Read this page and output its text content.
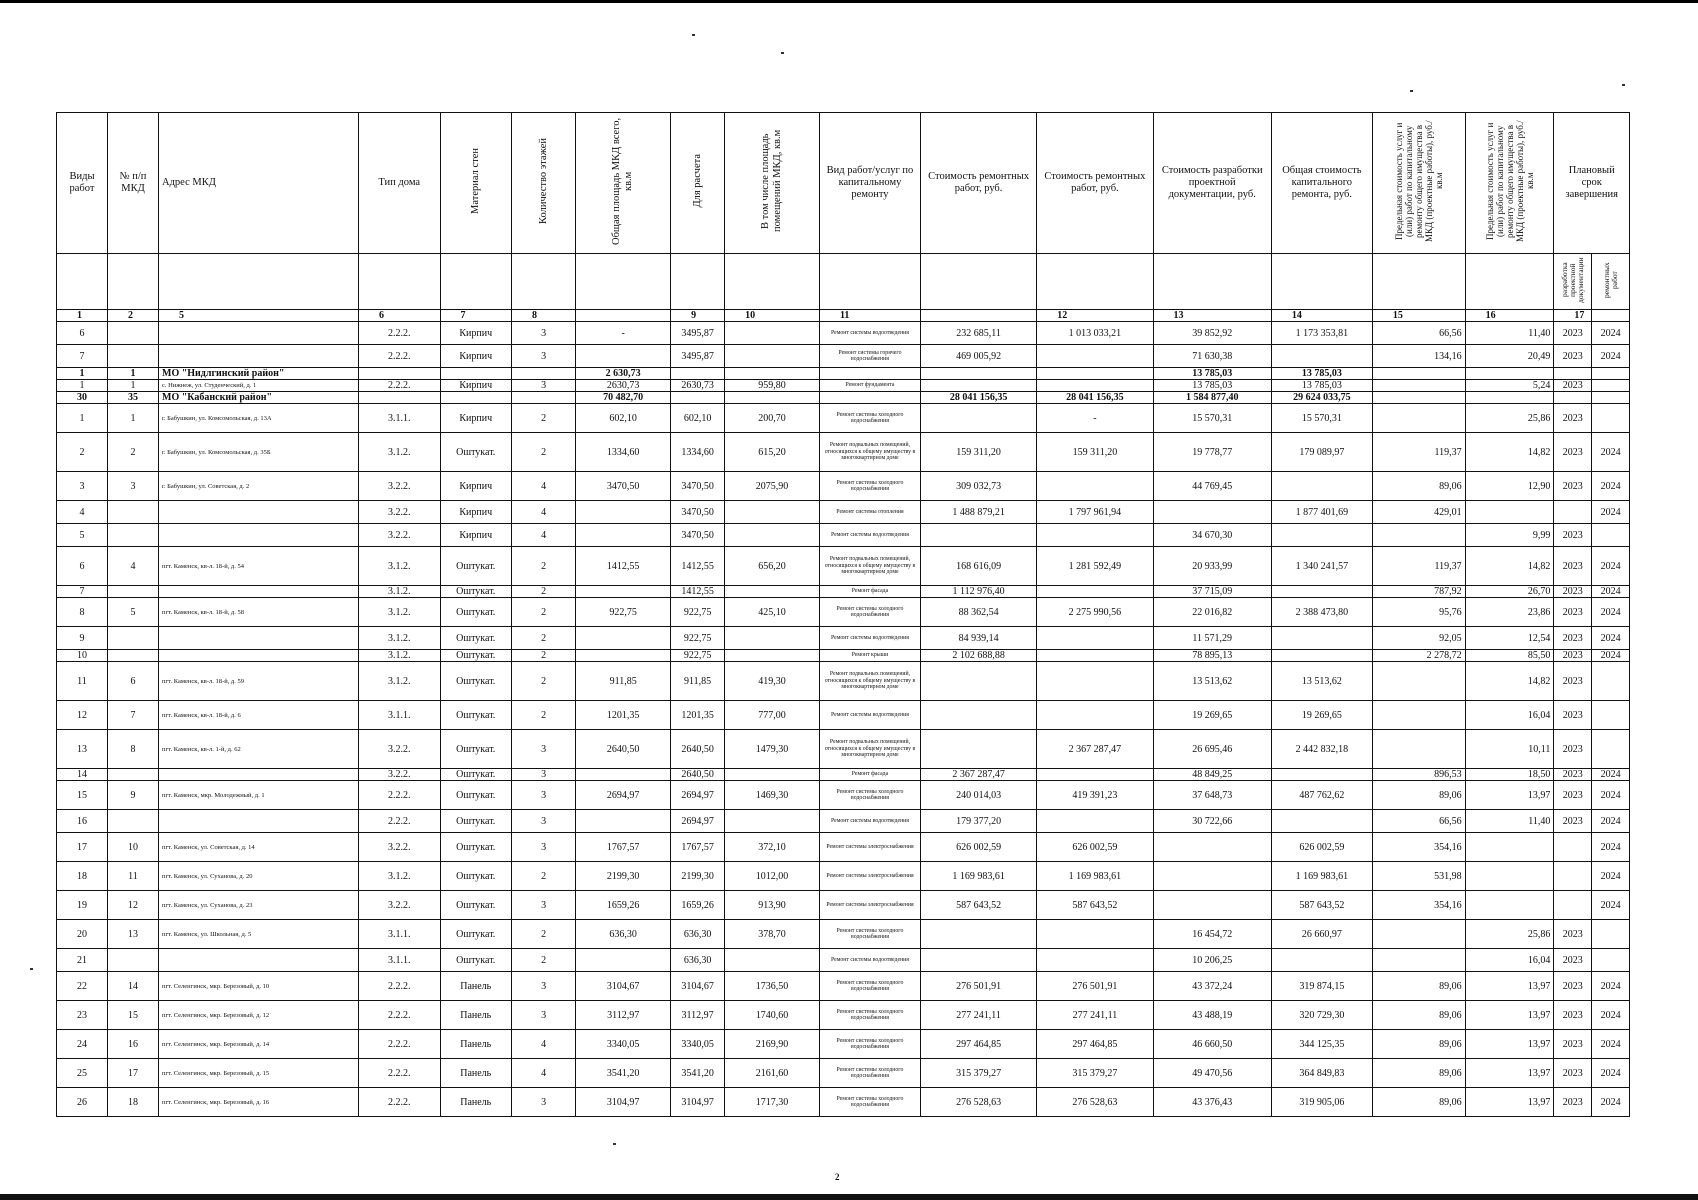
Виды работ	№ п/п МКД	Адрес МКД	Тип дома	Материал стен	Количество этажей	Общая площадь МКД всего, кв.м	Для расчета	В том числе площадь помещений МКД, кв.м	Вид работ/услуг по капитальному ремонту	Стоимость ремонтных работ, руб.	Стоимость ремонтных работ, руб.	Стоимость разработки проектной документации, руб.	Общая стоимость капитального ремонта, руб.	Предельная стоимость услуг и (или) работ по капитальному ремонту общего имущества в МКД (проектные работы), руб./кв.м	Предельная стоимость услуг и (или) работ по капитальному ремонту общего имущества в МКД (проектные работы), руб./кв.м	Плановый срок завершения	
																разработка проектной документации	ремонтных работ
1	2	5	6	7	8		9	10	11		12	13	14	15	16	17	
6			2.2.2.	Кирпич	3	-	3495,87		Ремонт системы водоотведения	232 685,11	1 013 033,21	39 852,92	1 173 353,81	66,56	11,40	2023	2024
7			2.2.2.	Кирпич	3		3495,87		Ремонт системы горячего водоснабжения	469 005,92		71 630,38		134,16	20,49	2023	2024
1	1	МО "Нидлгинский район"				2 630,73						13 785,03	13 785,03				
1	1	с. Нижнеж, ул. Студенческий, д. 1	2.2.2.	Кирпич	3	2630,73	2630,73	959,80	Ремонт фундамента			13 785,03	13 785,03		5,24	2023	
30	35	МО "Кабанский район"				70 482,70				28 041 156,35	28 041 156,35	1 584 877,40	29 624 033,75				
1	1	г. Бабушкин, ул. Комсомольская, д. 13А	3.1.1.	Кирпич	2	602,10	602,10	200,70	Ремонт системы холодного водоснабжения		-	15 570,31	15 570,31		25,86	2023	
2	2	г. Бабушкин, ул. Комсомольская, д. 35Б	3.1.2.	Оштукат.	2	1334,60	1334,60	615,20	Ремонт подвальных помещений, относящихся к общему имуществу в многоквартирном доме	159 311,20	159 311,20	19 778,77	179 089,97	119,37	14,82	2023	2024
3	3	г. Бабушкин, ул. Советская, д. 2	3.2.2.	Кирпич	4	3470,50	3470,50	2075,90	Ремонт системы холодного водоснабжения	309 032,73		44 769,45		89,06	12,90	2023	2024
4			3.2.2.	Кирпич	4		3470,50		Ремонт системы отопления	1 488 879,21	1 797 961,94		1 877 401,69	429,01			2024
5			3.2.2.	Кирпич	4		3470,50		Ремонт системы водоотведения			34 670,30			9,99	2023	
6	4	пгт. Каменск, кв-л. 18-й, д. 54	3.1.2.	Оштукат.	2	1412,55	1412,55	656,20	Ремонт подвальных помещений, относящихся к общему имуществу в многоквартирном доме	168 616,09	1 281 592,49	20 933,99	1 340 241,57	119,37	14,82	2023	2024
7			3.1.2.	Оштукат.	2		1412,55		Ремонт фасада	1 112 976,40		37 715,09		787,92	26,70	2023	2024
8	5	пгт. Каменск, кв-л. 18-й, д. 58	3.1.2.	Оштукат.	2	922,75	922,75	425,10	Ремонт системы холодного водоснабжения	88 362,54	2 275 990,56	22 016,82	2 388 473,80	95,76	23,86	2023	2024
9			3.1.2.	Оштукат.	2		922,75		Ремонт системы водоотведения	84 939,14		11 571,29		92,05	12,54	2023	2024
10			3.1.2.	Оштукат.	2		922,75		Ремонт крыши	2 102 688,88		78 895,13		2 278,72	85,50	2023	2024
11	6	пгт. Каменск, кв-л. 18-й, д. 59	3.1.2.	Оштукат.	2	911,85	911,85	419,30	Ремонт подвальных помещений, относящихся к общему имуществу в многоквартирном доме			13 513,62	13 513,62		14,82	2023	
12	7	пгт. Каменск, кв-л. 18-й, д. 6	3.1.1.	Оштукат.	2	1201,35	1201,35	777,00	Ремонт системы водоотведения			19 269,65	19 269,65		16,04	2023	
13	8	пгт. Каменск, кв-л. 1-й, д. 62	3.2.2.	Оштукат.	3	2640,50	2640,50	1479,30	Ремонт подвальных помещений, относящихся к общему имуществу в многоквартирном доме		2 367 287,47	26 695,46	2 442 832,18		10,11	2023	
14			3.2.2.	Оштукат.	3		2640,50		Ремонт фасада	2 367 287,47		48 849,25		896,53	18,50	2023	2024
15	9	пгт. Каменск, мкр. Молодежный, д. 1	2.2.2.	Оштукат.	3	2694,97	2694,97	1469,30	Ремонт системы холодного водоснабжения	240 014,03	419 391,23	37 648,73	487 762,62	89,06	13,97	2023	2024
16			2.2.2.	Оштукат.	3		2694,97		Ремонт системы водоотведения	179 377,20		30 722,66		66,56	11,40	2023	2024
17	10	пгт. Каменск, ул. Советская, д. 14	3.2.2.	Оштукат.	3	1767,57	1767,57	372,10	Ремонт системы электроснабжения	626 002,59	626 002,59		626 002,59	354,16			2024
18	11	пгт. Каменск, ул. Суханова, д. 20	3.1.2.	Оштукат.	2	2199,30	2199,30	1012,00	Ремонт системы электроснабжения	1 169 983,61	1 169 983,61		1 169 983,61	531,98			2024
19	12	пгт. Каменск, ул. Суханова, д. 23	3.2.2.	Оштукат.	3	1659,26	1659,26	913,90	Ремонт системы электроснабжения	587 643,52	587 643,52		587 643,52	354,16			2024
20	13	пгт. Каменск, ул. Школьная, д. 5	3.1.1.	Оштукат.	2	636,30	636,30	378,70	Ремонт системы холодного водоснабжения			16 454,72	26 660,97		25,86	2023	
21			3.1.1.	Оштукат.	2		636,30		Ремонт системы водоотведения			10 206,25			16,04	2023	
22	14	пгт. Селенгинск, мкр. Березовый, д. 10	2.2.2.	Панель	3	3104,67	3104,67	1736,50	Ремонт системы холодного водоснабжения	276 501,91	276 501,91	43 372,24	319 874,15	89,06	13,97	2023	2024
23	15	пгт. Селенгинск, мкр. Березовый, д. 12	2.2.2.	Панель	3	3112,97	3112,97	1740,60	Ремонт системы холодного водоснабжения	277 241,11	277 241,11	43 488,19	320 729,30	89,06	13,97	2023	2024
24	16	пгт. Селенгинск, мкр. Березовый, д. 14	2.2.2.	Панель	4	3340,05	3340,05	2169,90	Ремонт системы холодного водоснабжения	297 464,85	297 464,85	46 660,50	344 125,35	89,06	13,97	2023	2024
25	17	пгт. Селенгинск, мкр. Березовый, д. 15	2.2.2.	Панель	4	3541,20	3541,20	2161,60	Ремонт системы холодного водоснабжения	315 379,27	315 379,27	49 470,56	364 849,83	89,06	13,97	2023	2024
26	18	пгт. Селенгинск, мкр. Березовый, д. 16	2.2.2.	Панель	3	3104,97	3104,97	1717,30	Ремонт системы холодного водоснабжения	276 528,63	276 528,63	43 376,43	319 905,06	89,06	13,97	2023	2024
2
